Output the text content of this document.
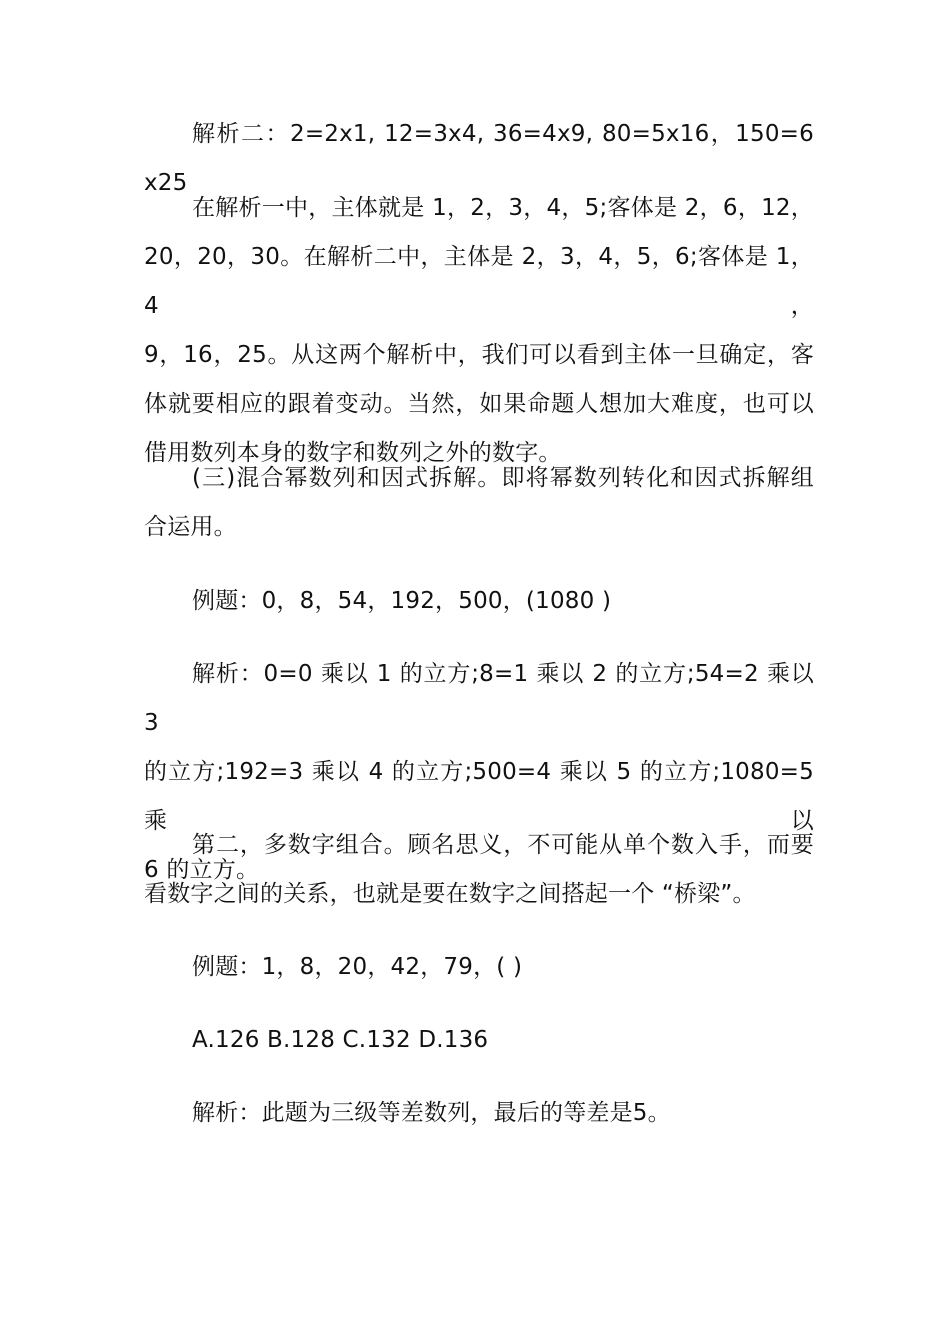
解析二：2=2x1, 12=3x4, 36=4x9, 80=5x16，150=6x25
在解析一中，主体就是 1，2，3，4，5;客体是 2，6，12，
20，20，30。在解析二中，主体是 2，3，4，5，6;客体是 1，4，
9，16，25。从这两个解析中，我们可以看到主体一旦确定，客
体就要相应的跟着变动。当然，如果命题人想加大难度，也可以
借用数列本身的数字和数列之外的数字。
(三)混合幂数列和因式拆解。即将幂数列转化和因式拆解组
合运用。
例题：0，8，54，192，500，(1080 )
解析：0=0 乘以 1 的立方;8=1 乘以 2 的立方;54=2 乘以 3
的立方;192=3 乘以 4 的立方;500=4 乘以 5 的立方;1080=5 乘以
6 的立方。
第二，多数字组合。顾名思义，不可能从单个数入手，而要
看数字之间的关系，也就是要在数字之间搭起一个 “桥梁”。
例题：1，8，20，42，79，( )
A.126 B.128 C.132 D.136
解析：此题为三级等差数列，最后的等差是5。
